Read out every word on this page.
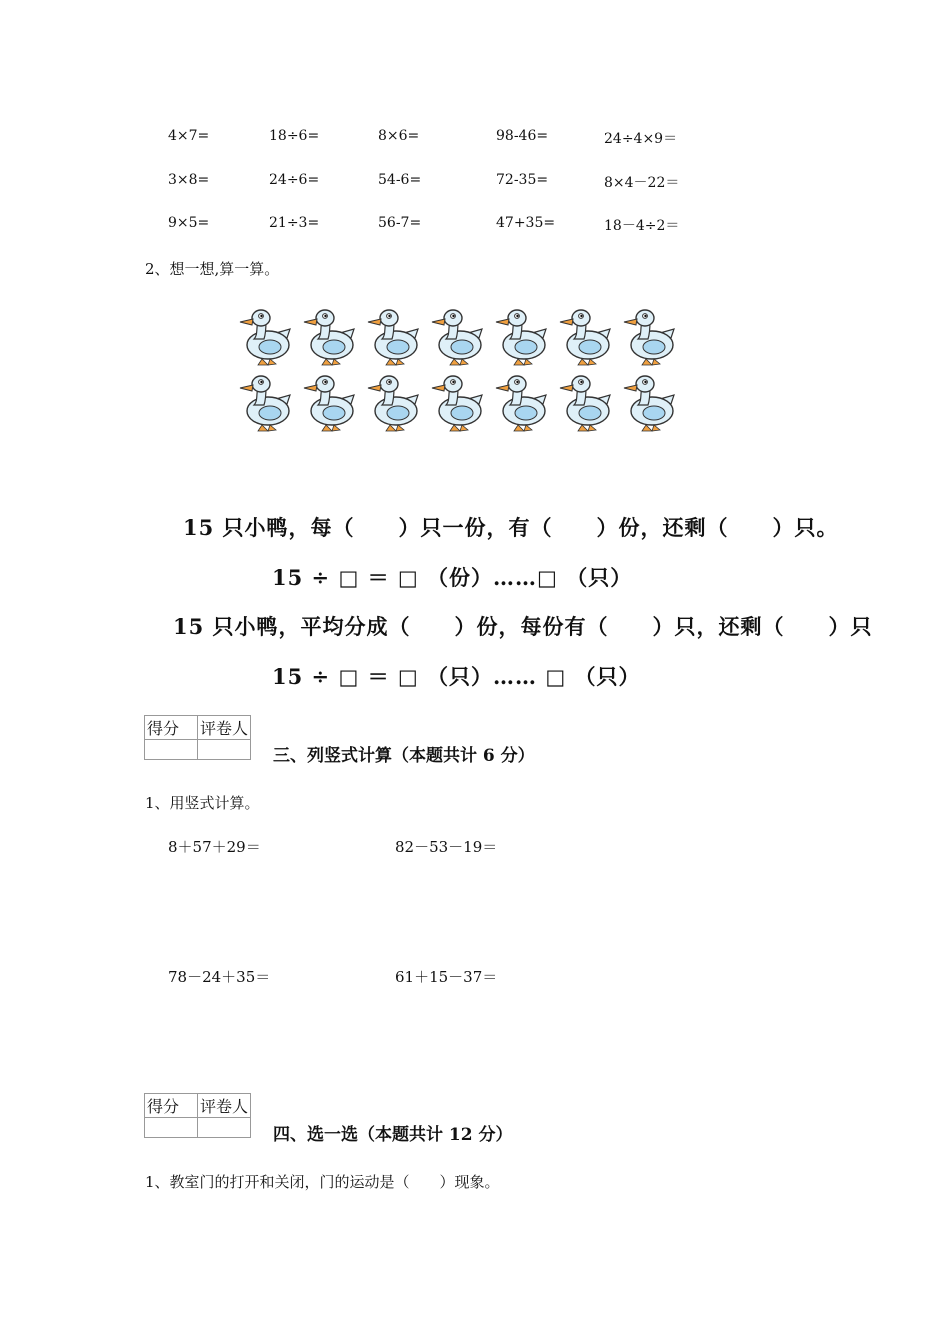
4×7=	18÷6=	8×6=	98-46=	24÷4×9＝
3×8=	24÷6=	54-6=	72-35=	8×4－22＝
9×5=	21÷3=	56-7=	47+35=	18－4÷2＝
2、想一想,算一算。
15 只小鸭，每（　　）只一份，有（　　）份，还剩（　　）只。
15 ÷ □ ＝ □ （份）……□ （只）
15 只小鸭，平均分成（　　）份，每份有（　　）只，还剩（　　）只
15 ÷ □ ＝ □ （只）…… □ （只）
得分	评卷人

三、列竖式计算（本题共计 6 分）
1、用竖式计算。
8＋57＋29＝	82－53－19＝
78－24＋35＝	61＋15－37＝
得分	评卷人

四、选一选（本题共计 12 分）
1、教室门的打开和关闭，门的运动是（　　）现象。
